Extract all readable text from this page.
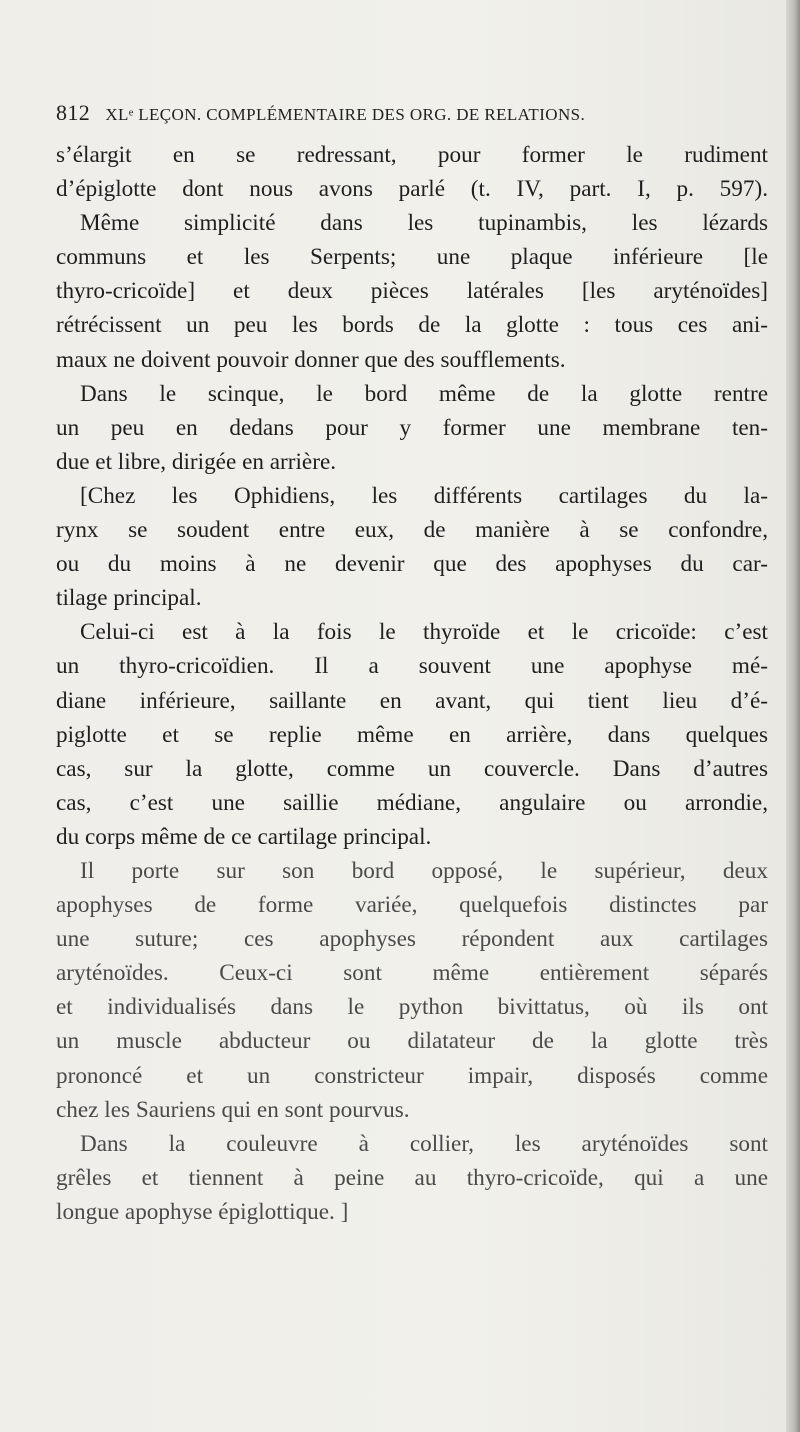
812 XLᵉ LEÇON. COMPLÉMENTAIRE DES ORG. DE RELATIONS.
s’élargit en se redressant, pour former le rudiment
d’épiglotte dont nous avons parlé (t. IV, part. I, p. 597).
Même simplicité dans les tupinambis, les lézards
communs et les Serpents; une plaque inférieure [le
thyro-cricoïde] et deux pièces latérales [les aryténoïdes]
rétrécissent un peu les bords de la glotte : tous ces ani-
maux ne doivent pouvoir donner que des soufflements.
Dans le scinque, le bord même de la glotte rentre
un peu en dedans pour y former une membrane ten-
due et libre, dirigée en arrière.
[Chez les Ophidiens, les différents cartilages du la-
rynx se soudent entre eux, de manière à se confondre,
ou du moins à ne devenir que des apophyses du car-
tilage principal.
Celui-ci est à la fois le thyroïde et le cricoïde: c’est
un thyro-cricoïdien. Il a souvent une apophyse mé-
diane inférieure, saillante en avant, qui tient lieu d’é-
piglotte et se replie même en arrière, dans quelques
cas, sur la glotte, comme un couvercle. Dans d’autres
cas, c’est une saillie médiane, angulaire ou arrondie,
du corps même de ce cartilage principal.
Il porte sur son bord opposé, le supérieur, deux
apophyses de forme variée, quelquefois distinctes par
une suture; ces apophyses répondent aux cartilages
aryténoïdes. Ceux-ci sont même entièrement séparés
et individualisés dans le python bivittatus, où ils ont
un muscle abducteur ou dilatateur de la glotte très
prononcé et un constricteur impair, disposés comme
chez les Sauriens qui en sont pourvus.
Dans la couleuvre à collier, les aryténoïdes sont
grêles et tiennent à peine au thyro-cricoïde, qui a une
longue apophyse épiglottique. ]
